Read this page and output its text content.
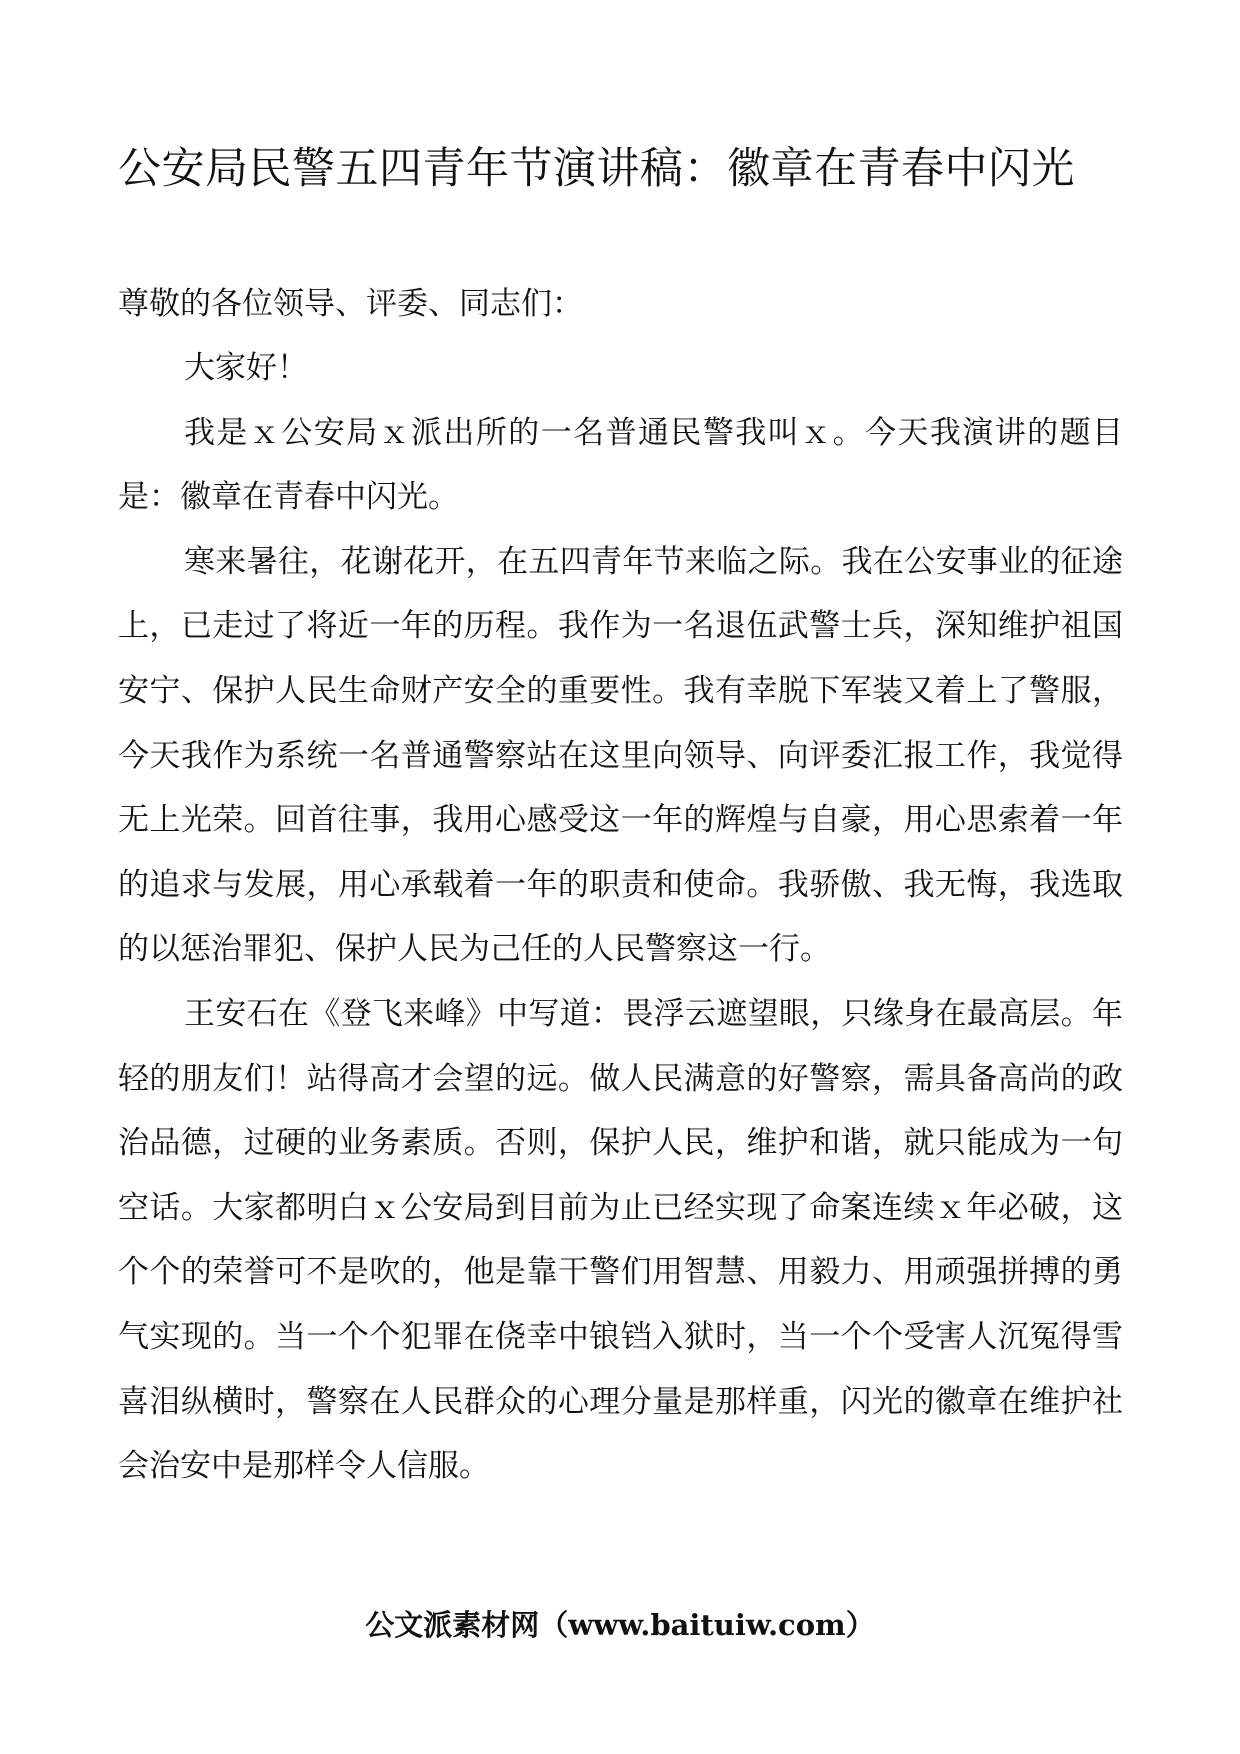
公安局民警五四青年节演讲稿：徽章在青春中闪光

尊敬的各位领导、评委、同志们：

大家好！

我是ｘ公安局ｘ派出所的一名普通民警我叫ｘ。今天我演讲的题目是：徽章在青春中闪光。

寒来暑往，花谢花开，在五四青年节来临之际。我在公安事业的征途上，已走过了将近一年的历程。我作为一名退伍武警士兵，深知维护祖国安宁、保护人民生命财产安全的重要性。我有幸脱下军装又着上了警服，今天我作为系统一名普通警察站在这里向领导、向评委汇报工作，我觉得无上光荣。回首往事，我用心感受这一年的辉煌与自豪，用心思索着一年的追求与发展，用心承载着一年的职责和使命。我骄傲、我无悔，我选取的以惩治罪犯、保护人民为己任的人民警察这一行。

王安石在《登飞来峰》中写道：畏浮云遮望眼，只缘身在最高层。年轻的朋友们！站得高才会望的远。做人民满意的好警察，需具备高尚的政治品德，过硬的业务素质。否则，保护人民，维护和谐，就只能成为一句空话。大家都明白ｘ公安局到目前为止已经实现了命案连续ｘ年必破，这个个的荣誉可不是吹的，他是靠干警们用智慧、用毅力、用顽强拼搏的勇气实现的。当一个个犯罪在侥幸中锒铛入狱时，当一个个受害人沉冤得雪喜泪纵横时，警察在人民群众的心理分量是那样重，闪光的徽章在维护社会治安中是那样令人信服。

公文派素材网（www.baituiw.com）
